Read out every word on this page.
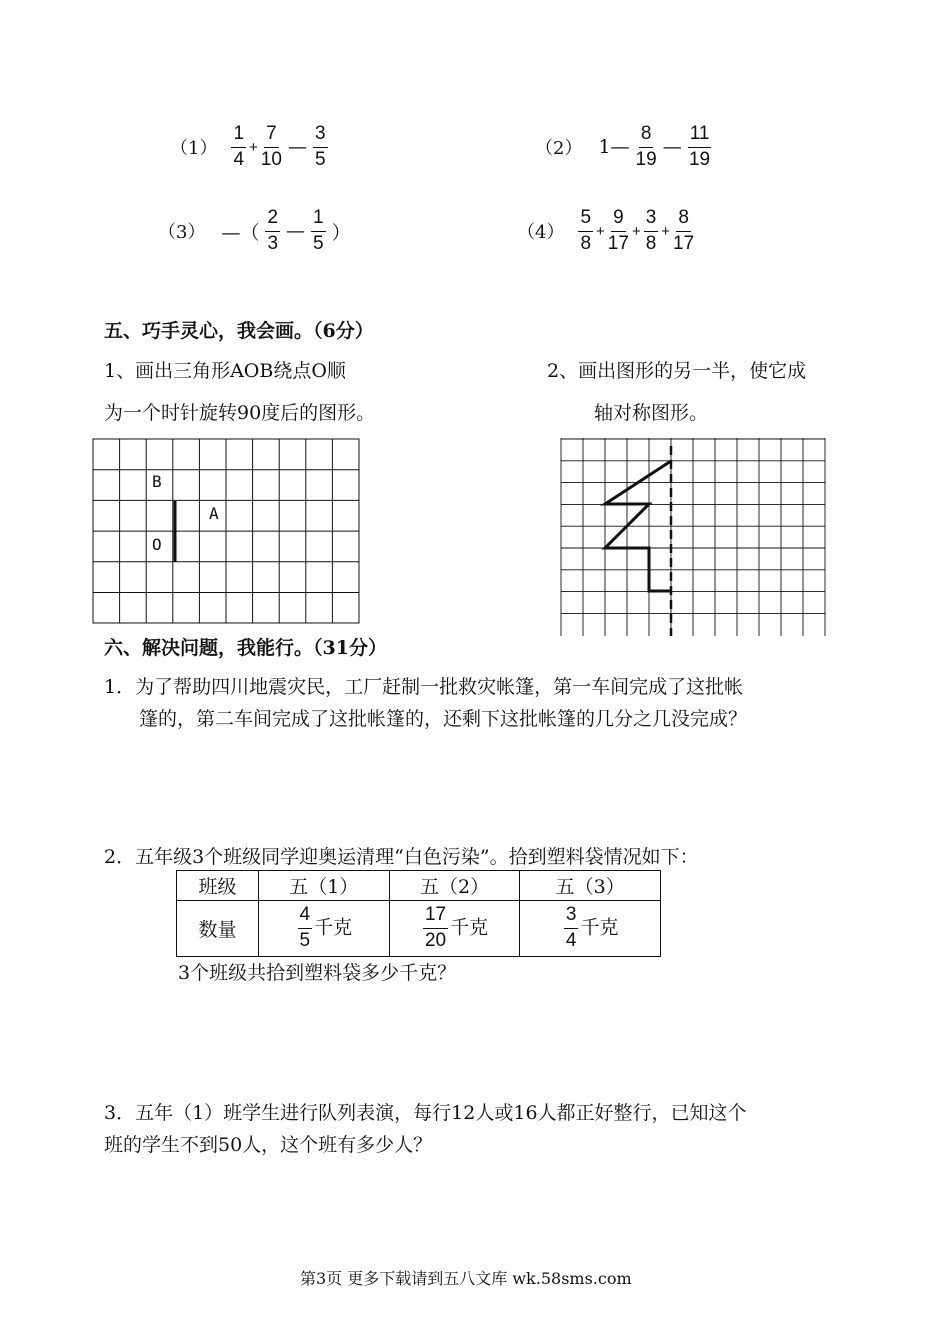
$(1) \frac{1}{4} + \frac{7}{10}$ — $\frac{3}{5}$	（2） 1— $\frac{8}{19}$ — $\frac{11}{19}$
（3） —（ $\frac{2}{3}$ — $\frac{1}{5}$ ）	$(4) \frac{5}{8} + \frac{9}{17} + \frac{3}{8} + \frac{8}{17}$
五、巧手灵心，我会画。（6分）
1、画出三角形AOB绕点O顺
为一个时针旋转90度后的图形。
2、画出图形的另一半，使它成
轴对称图形。
B
A
O
六、解决问题，我能行。（31分）
1．为了帮助四川地震灾民，工厂赶制一批救灾帐篷，第一车间完成了这批帐
篷的，第二车间完成了这批帐篷的，还剩下这批帐篷的几分之几没完成？
2．五年级3个班级同学迎奥运清理“白色污染”。拾到塑料袋情况如下：
班级	五（1）	五（2）	五（3）
数量	$\frac{4}{5}$ 千克	$\frac{17}{20}$ 千克	$\frac{3}{4}$ 千克
3个班级共拾到塑料袋多少千克？
3．五年（1）班学生进行队列表演，每行12人或16人都正好整行，已知这个
班的学生不到50人，这个班有多少人？
第3页 更多下载请到五八文库 wk.58sms.com
